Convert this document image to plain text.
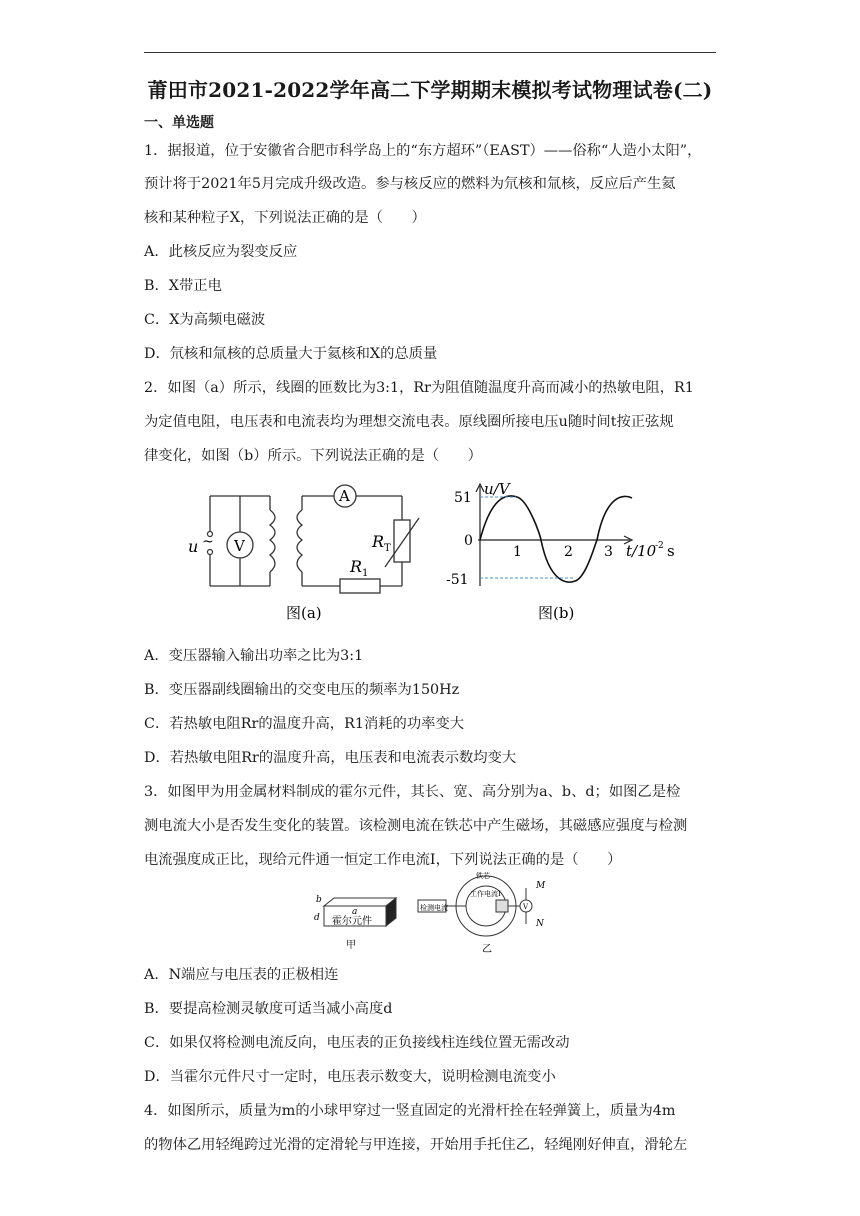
莆田市2021-2022学年高二下学期期末模拟考试物理试卷(二)
一、单选题
1．据报道，位于安徽省合肥市科学岛上的“东方超环”（EAST）——俗称“人造小太阳”，
预计将于2021年5月完成升级改造。参与核反应的燃料为氘核和氚核，反应后产生氦
核和某种粒子X，下列说法正确的是（　　）
A．此核反应为裂变反应
B．X带正电
C．X为高频电磁波
D．氘核和氚核的总质量大于氦核和X的总质量
2．如图（a）所示，线圈的匝数比为3:1，Rr为阻值随温度升高而减小的热敏电阻，R1
为定值电阻，电压表和电流表均为理想交流电表。原线圈所接电压u随时间t按正弦规
律变化，如图（b）所示。下列说法正确的是（　　）
u ~ V
A
R T
R 1
图(a)
u/V
51
0
-51
1	2 3 t/10
-2 s
图(b)
A．变压器输入输出功率之比为3:1
B．变压器副线圈输出的交变电压的频率为150Hz
C．若热敏电阻Rr的温度升高，R1消耗的功率变大
D．若热敏电阻Rr的温度升高，电压表和电流表示数均变大
3．如图甲为用金属材料制成的霍尔元件，其长、宽、高分别为a、b、d；如图乙是检
测电流大小是否发生变化的装置。该检测电流在铁芯中产生磁场，其磁感应强度与检测
电流强度成正比，现给元件通一恒定工作电流I，下列说法正确的是（　　）
b
a
d 霍尔元件
甲
铁芯
检测电流
工作电流I
V
M
N
乙
A．N端应与电压表的正极相连
B．要提高检测灵敏度可适当减小高度d
C．如果仅将检测电流反向，电压表的正负接线柱连线位置无需改动
D．当霍尔元件尺寸一定时，电压表示数变大，说明检测电流变小
4．如图所示，质量为m的小球甲穿过一竖直固定的光滑杆拴在轻弹簧上，质量为4m
的物体乙用轻绳跨过光滑的定滑轮与甲连接，开始用手托住乙，轻绳刚好伸直，滑轮左
